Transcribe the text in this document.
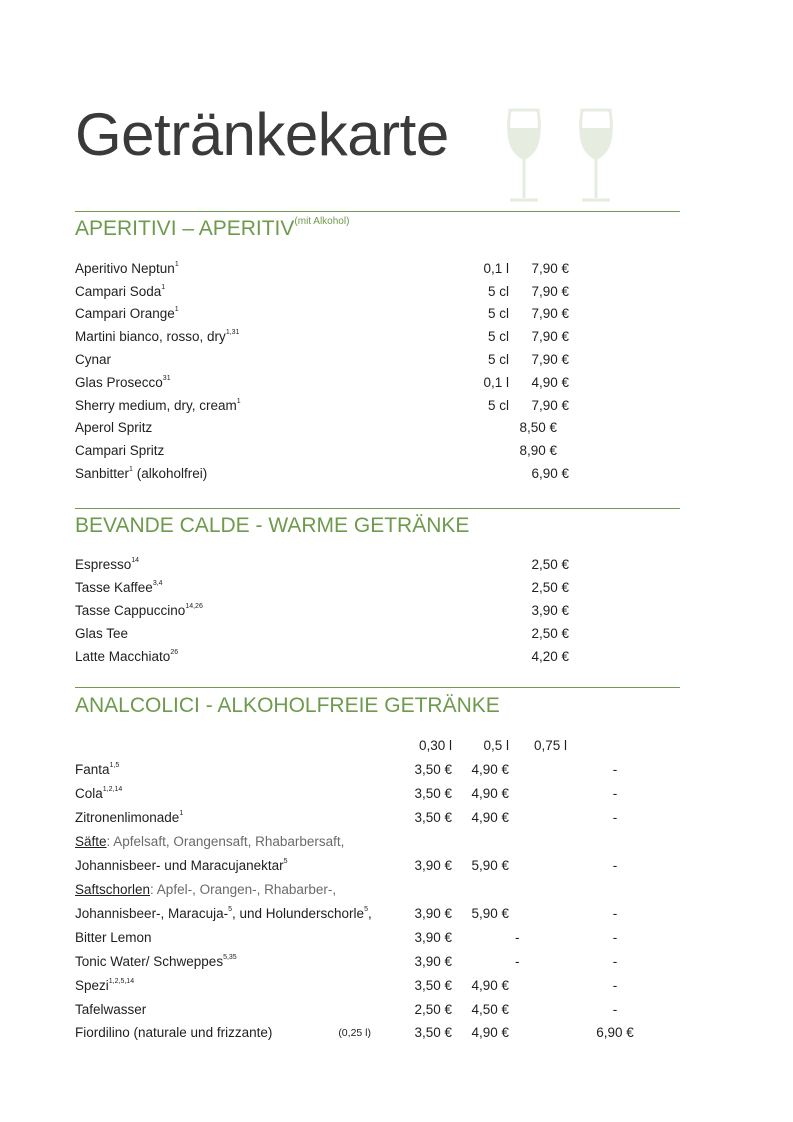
Getränkekarte
APERITIVI – $APERITIV^{(mit Alkohol)}$
Aperitivo Neptun$^1$	0,1 l	7,90 €
Campari Soda$^1$	5 cl	7,90 €
Campari Orange$^1$	5 cl	7,90 €
Martini bianco, rosso, dry$^{1,31}$	5 cl	7,90 €
Cynar	5 cl	7,90 €
Glas Prosecco$^{31}$	0,1 l	4,90 €
Sherry medium, dry, cream$^1$	5 cl	7,90 €
Aperol Spritz	8,50 €
Campari Spritz	8,90 €
Sanbitter$^1$ (alkoholfrei)	6,90 €
BEVANDE CALDE - WARME GETRÄNKE
Espresso$^{14}$	2,50 €
Tasse Kaffee$^{3,4}$	2,50 €
Tasse Cappuccino$^{14,26}$	3,90 €
Glas Tee	2,50 €
Latte Macchiato$^{26}$	4,20 €
ANALCOLICI - ALKOHOLFREIE GETRÄNKE
0,30 l	0,5 l	0,75 l
Fanta$^{1,5}$	3,50 €	4,90 €	-
Cola$^{1,2,14}$	3,50 €	4,90 €	-
Zitronenlimonade$^1$	3,50 €	4,90 €	-
Säfte: Apfelsaft, Orangensaft, Rhabarbersaft,
Johannisbeer- und Maracujanektar$^5$	3,90 €	5,90 €	-
Saftschorlen: Apfel-, Orangen-, Rhabarber-,
Johannisbeer-, Maracuja-$^5$, und Holunderschorle$^5$,	3,90 €	5,90 €	-
Bitter Lemon	3,90 €	-	-
Tonic Water/ Schweppes$^{5,35}$	3,90 €	-	-
Spezi$^{1,2,5,14}$	3,50 €	4,90 €	-
Tafelwasser	2,50 €	4,50 €	-
Fiordilino (naturale und frizzante)	(0,25 l)	3,50 €	4,90 €	6,90 €
